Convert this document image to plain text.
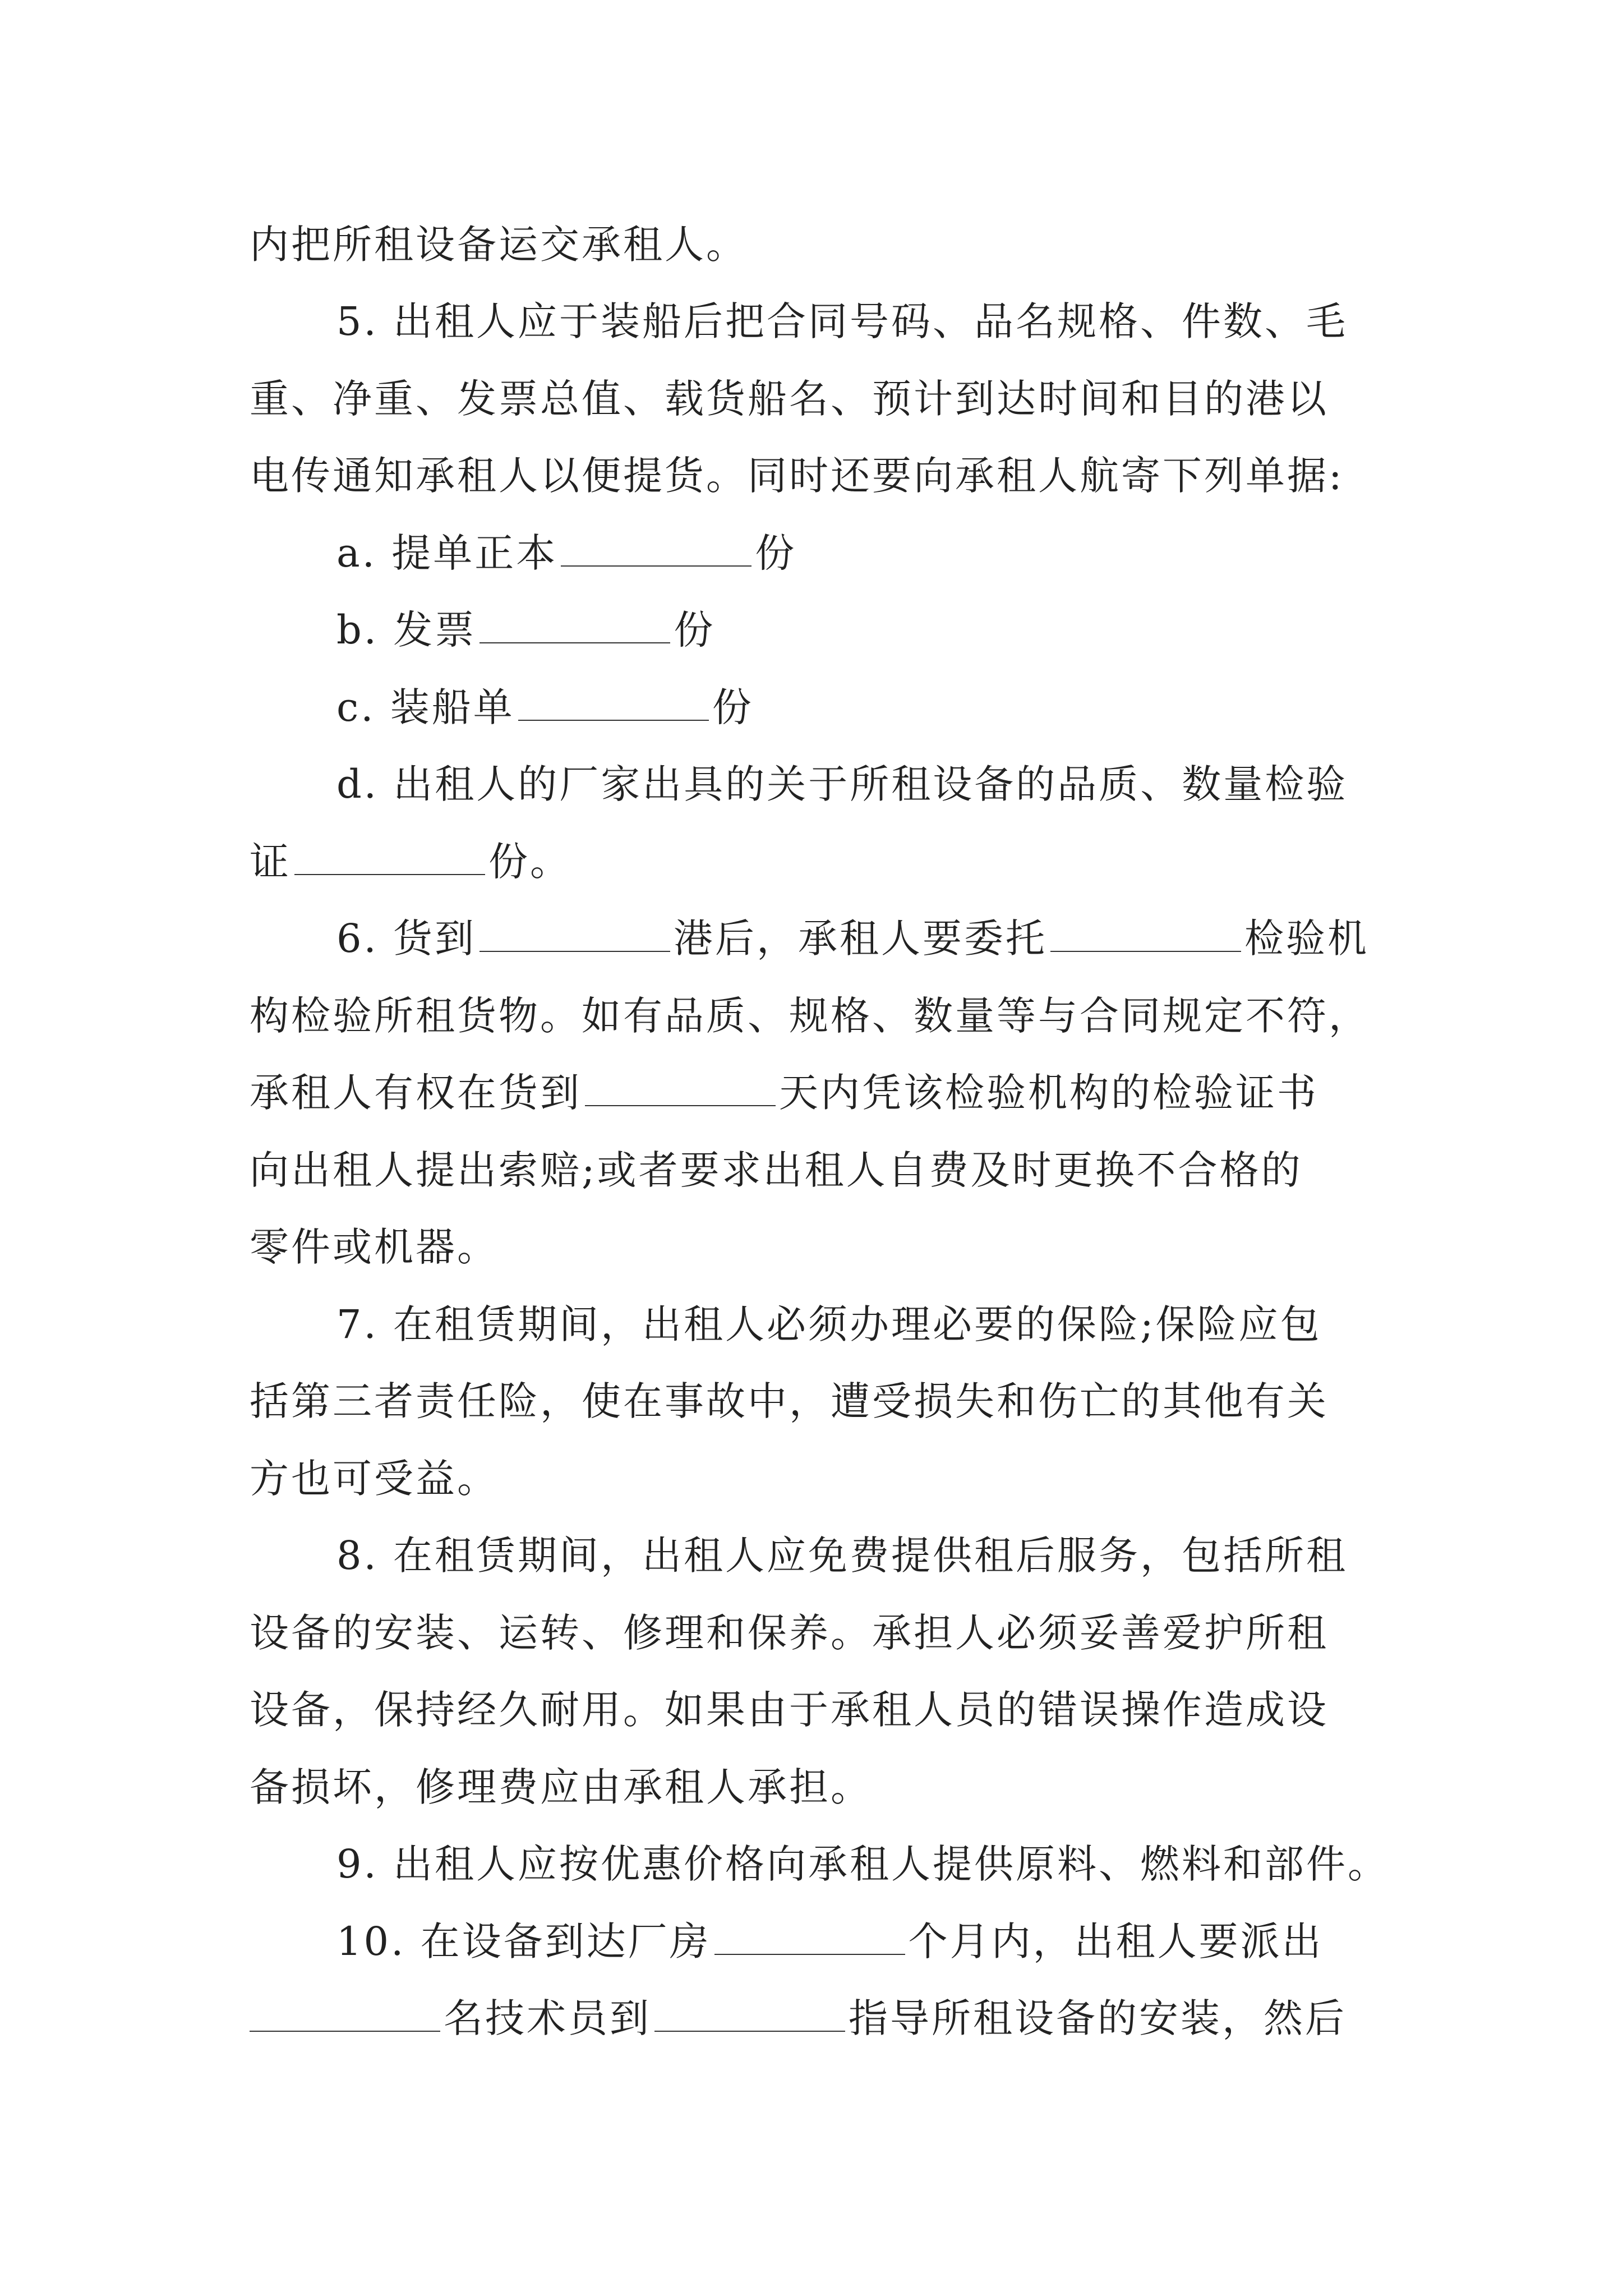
内把所租设备运交承租人。
5. 出租人应于装船后把合同号码、品名规格、件数、毛
重、净重、发票总值、载货船名、预计到达时间和目的港以
电传通知承租人以便提货。同时还要向承租人航寄下列单据:
a. 提单正本	份
b. 发票	份
c. 装船单	份
d. 出租人的厂家出具的关于所租设备的品质、数量检验
证	份。
6. 货到	港后，承租人要委托	检验机
构检验所租货物。如有品质、规格、数量等与合同规定不符，
承租人有权在货到	天内凭该检验机构的检验证书
向出租人提出索赔;或者要求出租人自费及时更换不合格的
零件或机器。
7. 在租赁期间，出租人必须办理必要的保险;保险应包
括第三者责任险，使在事故中，遭受损失和伤亡的其他有关
方也可受益。
8. 在租赁期间，出租人应免费提供租后服务，包括所租
设备的安装、运转、修理和保养。承担人必须妥善爱护所租
设备，保持经久耐用。如果由于承租人员的错误操作造成设
备损坏，修理费应由承租人承担。
9. 出租人应按优惠价格向承租人提供原料、燃料和部件。
10. 在设备到达厂房	个月内，出租人要派出
名技术员到	指导所租设备的安装，然后
